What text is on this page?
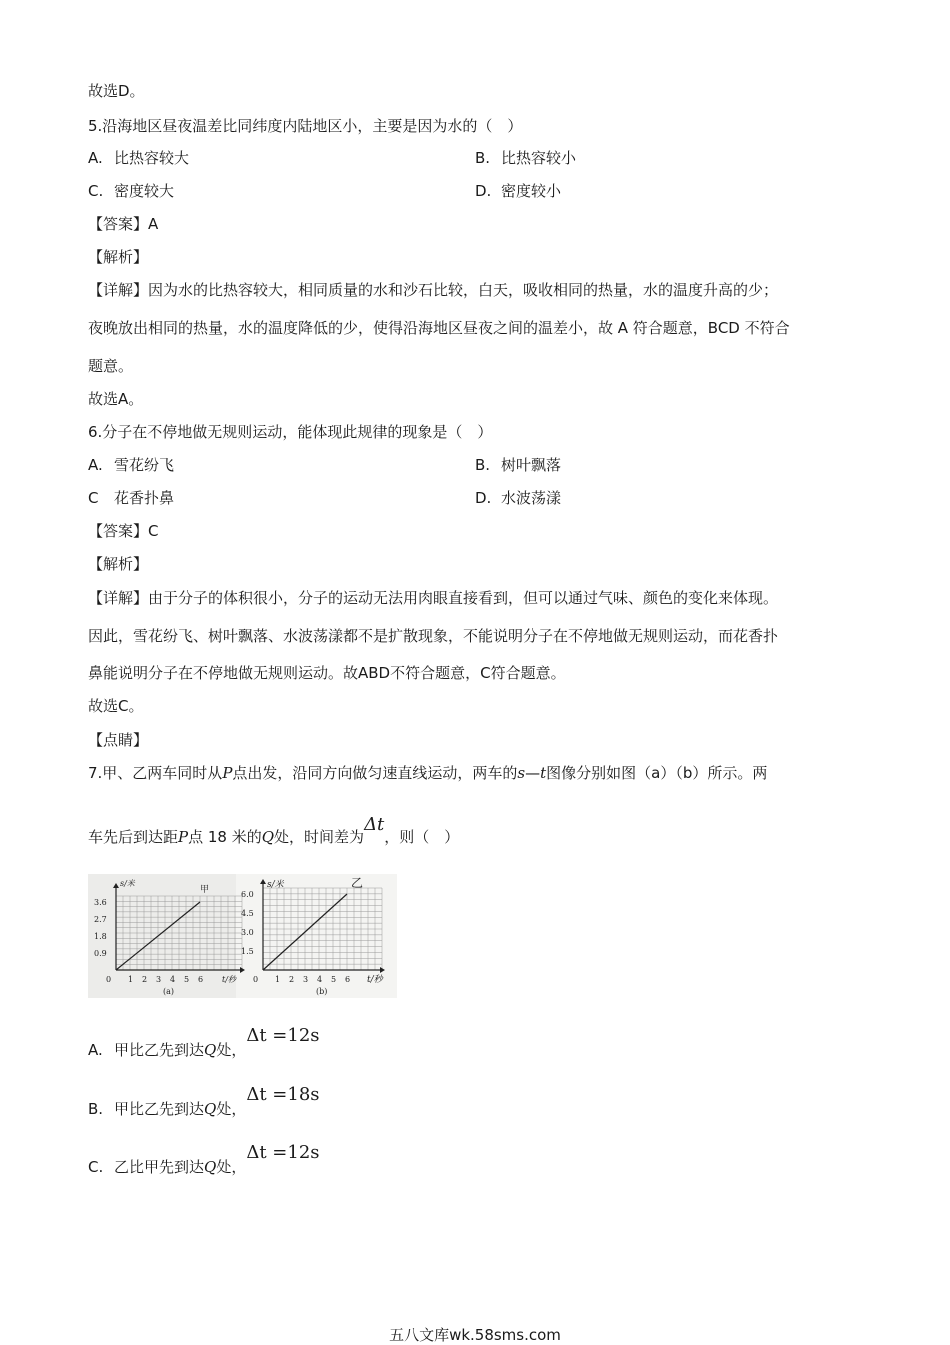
故选D。
5.沿海地区昼夜温差比同纬度内陆地区小，主要是因为水的（　）
A. 比热容较大	B. 比热容较小
C. 密度较大	D. 密度较小
【答案】A
【解析】
【详解】因为水的比热容较大，相同质量的水和沙石比较，白天，吸收相同的热量，水的温度升高的少；
夜晚放出相同的热量，水的温度降低的少，使得沿海地区昼夜之间的温差小，故 A 符合题意，BCD 不符合
题意。
故选A。
6.分子在不停地做无规则运动，能体现此规律的现象是（　）
A. 雪花纷飞	B. 树叶飘落
C 花香扑鼻	D. 水波荡漾
【答案】C
【解析】
【详解】由于分子的体积很小，分子的运动无法用肉眼直接看到，但可以通过气味、颜色的变化来体现。
因此，雪花纷飞、树叶飘落、水波荡漾都不是扩散现象，不能说明分子在不停地做无规则运动，而花香扑
鼻能说明分子在不停地做无规则运动。故ABD不符合题意，C符合题意。
故选C。
【点睛】
7.甲、乙两车同时从P点出发，沿同方向做匀速直线运动，两车的s—t图像分别如图（a）（b）所示。两
车先后到达距P点 18 米的Q处，时间差为Δt，则（　）
0 1 2 3 4 5 6
3.6
2.7
1.8
0.9
0 1 2 3 4 5 6
6.0
4.5
3.0
1.5
s/米
t/秒
甲
(a)
s/米
t/秒
乙
(b)
A. 甲比乙先到达Q处，Δt =12s
B. 甲比乙先到达Q处，Δt =18s
C. 乙比甲先到达Q处，Δt =12s
五八文库wk.58sms.com
